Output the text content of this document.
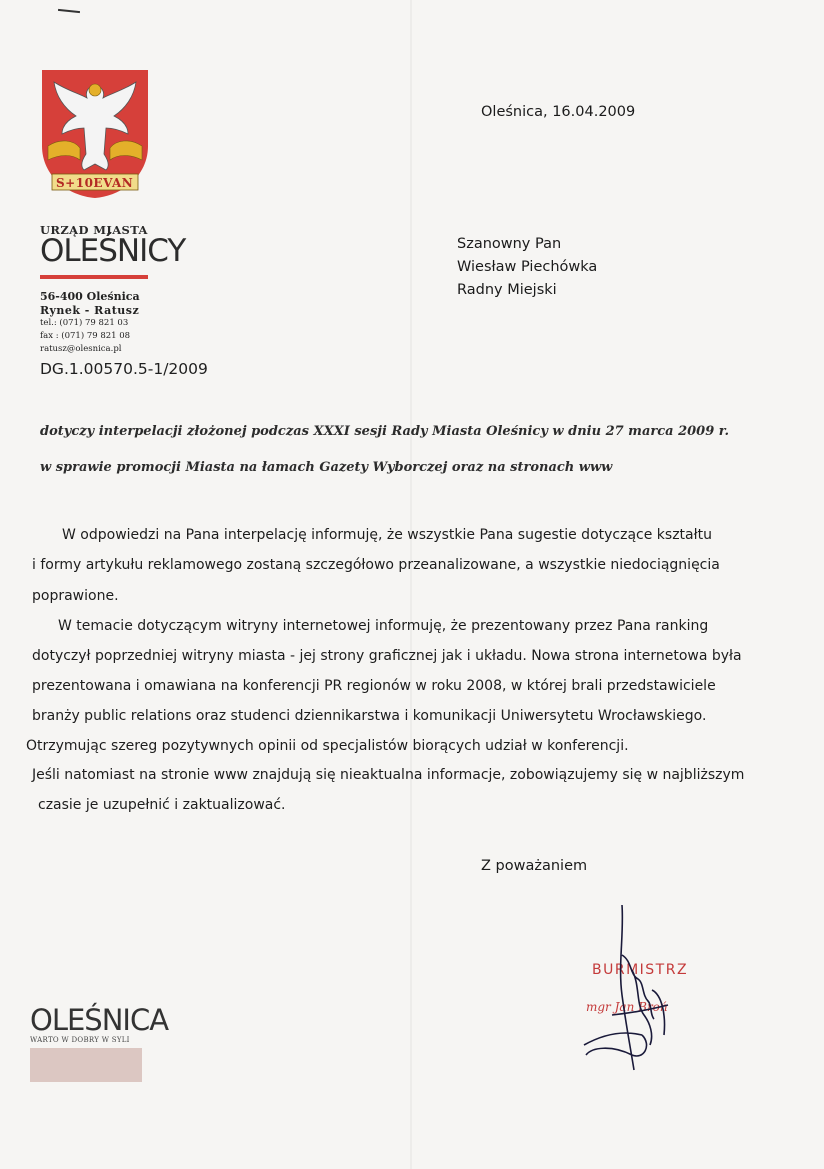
S+10EVAN
URZĄD MIASTA
OLEŚNICY
56-400 Oleśnica
Rynek - Ratusz
tel.: (071) 79 821 03
fax : (071) 79 821 08
ratusz@olesnica.pl
DG.1.00570.5-1/2009
Oleśnica, 16.04.2009
Szanowny Pan
Wiesław Piechówka
Radny Miejski
dotyczy interpelacji złożonej podczas XXXI sesji Rady Miasta Oleśnicy w dniu 27 marca 2009 r.
w sprawie promocji Miasta na łamach Gazety Wyborczej oraz na stronach www
W odpowiedzi na Pana interpelację informuję, że wszystkie Pana sugestie dotyczące kształtu
i formy artykułu reklamowego zostaną szczegółowo przeanalizowane, a wszystkie niedociągnięcia
poprawione.
W temacie dotyczącym witryny internetowej informuję, że prezentowany przez Pana ranking
dotyczył poprzedniej witryny miasta - jej strony graficznej jak i układu. Nowa strona internetowa była
prezentowana i omawiana na konferencji PR regionów w roku 2008, w której brali przedstawiciele
branży public relations oraz studenci dziennikarstwa i komunikacji Uniwersytetu Wrocławskiego.
Otrzymując szereg pozytywnych opinii od specjalistów biorących udział w konferencji.
Jeśli natomiast na stronie www znajdują się nieaktualna informacje, zobowiązujemy się w najbliższym
czasie je uzupełnić i zaktualizować.
Z poważaniem
BURMISTRZ
mgr Jan Broń
OLEŚNICA
WARTO W DOBRY W SYLI
